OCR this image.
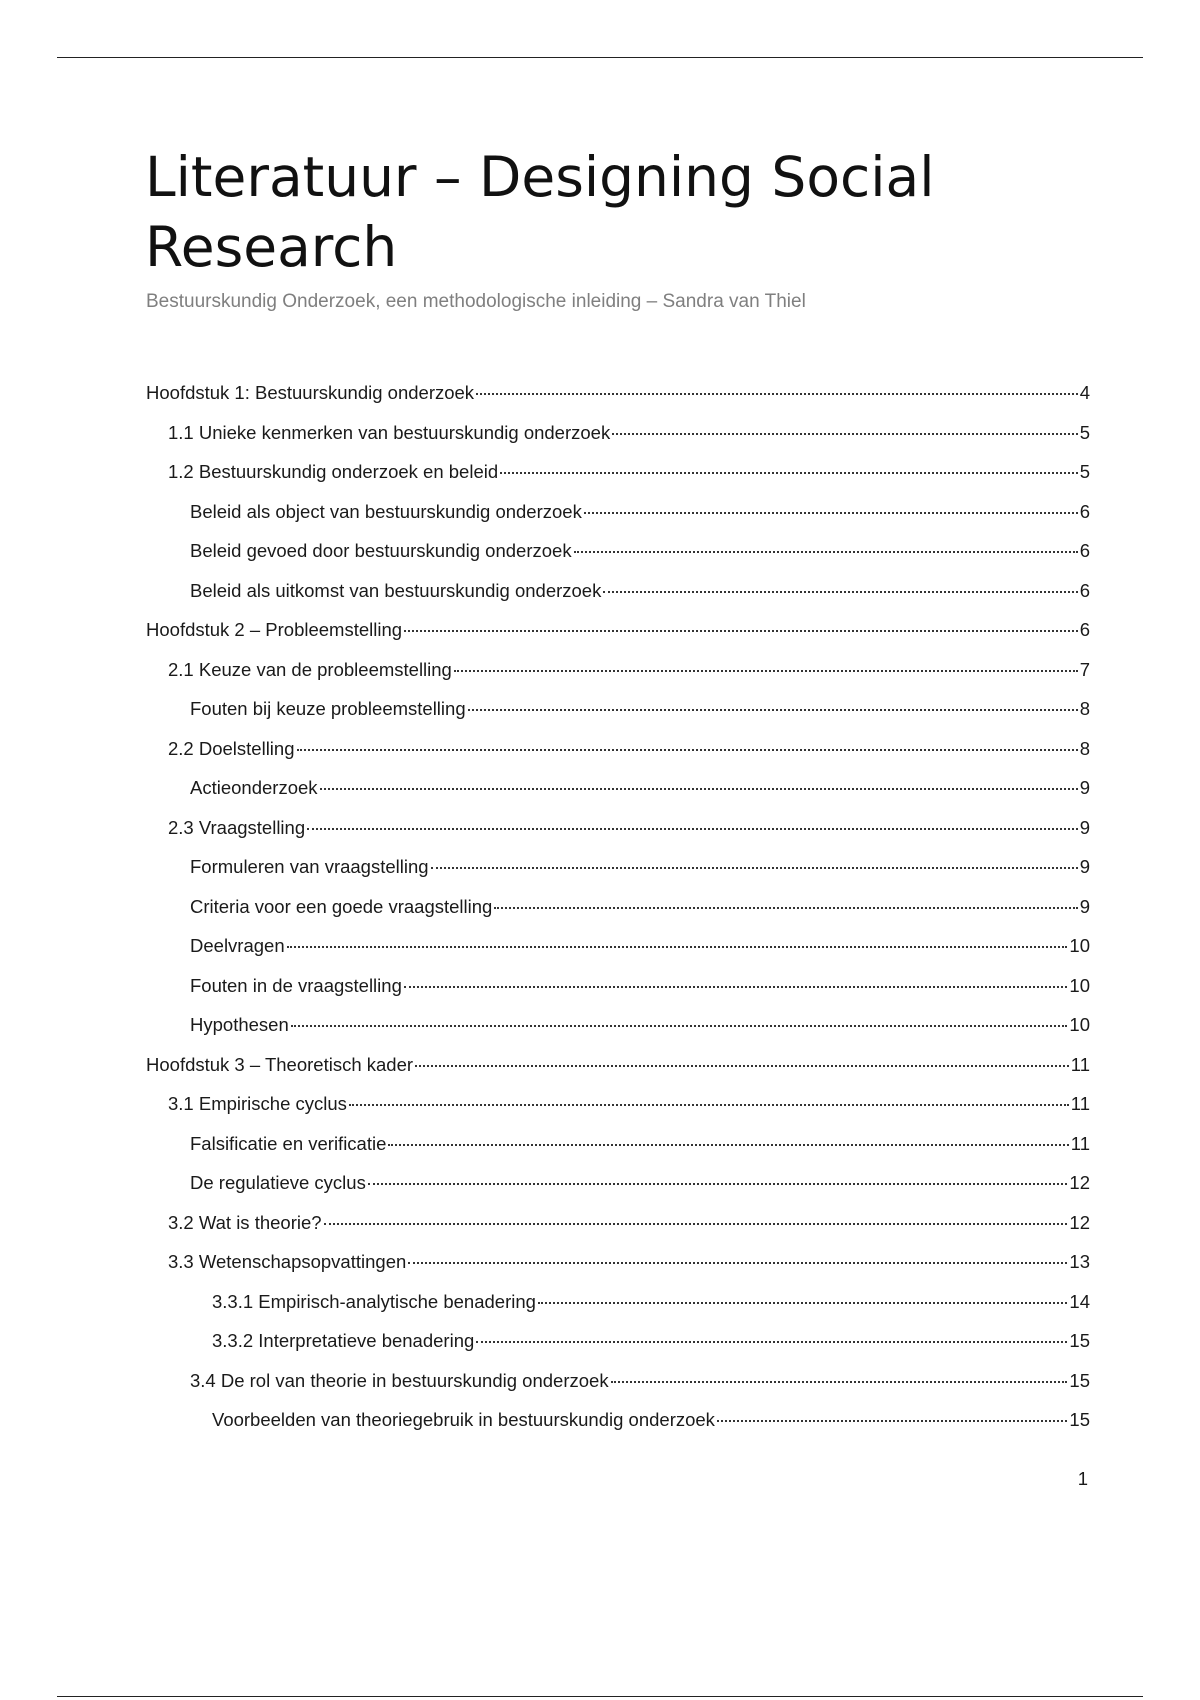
Literatuur – Designing Social Research

Bestuurskundig Onderzoek, een methodologische inleiding – Sandra van Thiel

Hoofdstuk 1: Bestuurskundig onderzoek	4
1.1 Unieke kenmerken van bestuurskundig onderzoek	5
1.2 Bestuurskundig onderzoek en beleid	5
Beleid als object van bestuurskundig onderzoek	6
Beleid gevoed door bestuurskundig onderzoek	6
Beleid als uitkomst van bestuurskundig onderzoek	6
Hoofdstuk 2 – Probleemstelling	6
2.1 Keuze van de probleemstelling	7
Fouten bij keuze probleemstelling	8
2.2 Doelstelling	8
Actieonderzoek	9
2.3 Vraagstelling	9
Formuleren van vraagstelling	9
Criteria voor een goede vraagstelling	9
Deelvragen	10
Fouten in de vraagstelling	10
Hypothesen	10
Hoofdstuk 3 – Theoretisch kader	11
3.1 Empirische cyclus	11
Falsificatie en verificatie	11
De regulatieve cyclus	12
3.2 Wat is theorie?	12
3.3 Wetenschapsopvattingen	13
3.3.1 Empirisch-analytische benadering	14
3.3.2 Interpretatieve benadering	15
3.4 De rol van theorie in bestuurskundig onderzoek	15
Voorbeelden van theoriegebruik in bestuurskundig onderzoek	15
1
